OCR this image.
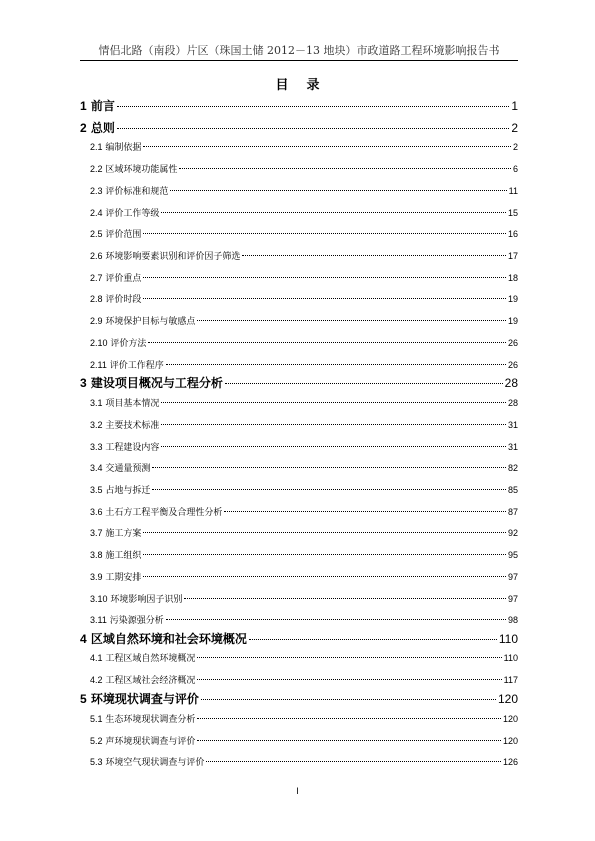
情侣北路（南段）片区（珠国土储 2012－13 地块）市政道路工程环境影响报告书
目 录
1 前言	1
2 总则	2
2.1 编制依据	2
2.2 区域环境功能属性	6
2.3 评价标准和规范	11
2.4 评价工作等级	15
2.5 评价范围	16
2.6 环境影响要素识别和评价因子筛选	17
2.7 评价重点	18
2.8 评价时段	19
2.9 环境保护目标与敏感点	19
2.10 评价方法	26
2.11 评价工作程序	26
3 建设项目概况与工程分析	28
3.1 项目基本情况	28
3.2 主要技术标准	31
3.3 工程建设内容	31
3.4 交通量预测	82
3.5 占地与拆迁	85
3.6 土石方工程平衡及合理性分析	87
3.7 施工方案	92
3.8 施工组织	95
3.9 工期安排	97
3.10 环境影响因子识别	97
3.11 污染源强分析	98
4 区域自然环境和社会环境概况	110
4.1 工程区域自然环境概况	110
4.2 工程区域社会经济概况	117
5 环境现状调查与评价	120
5.1 生态环境现状调查分析	120
5.2 声环境现状调查与评价	120
5.3 环境空气现状调查与评价	126
I
